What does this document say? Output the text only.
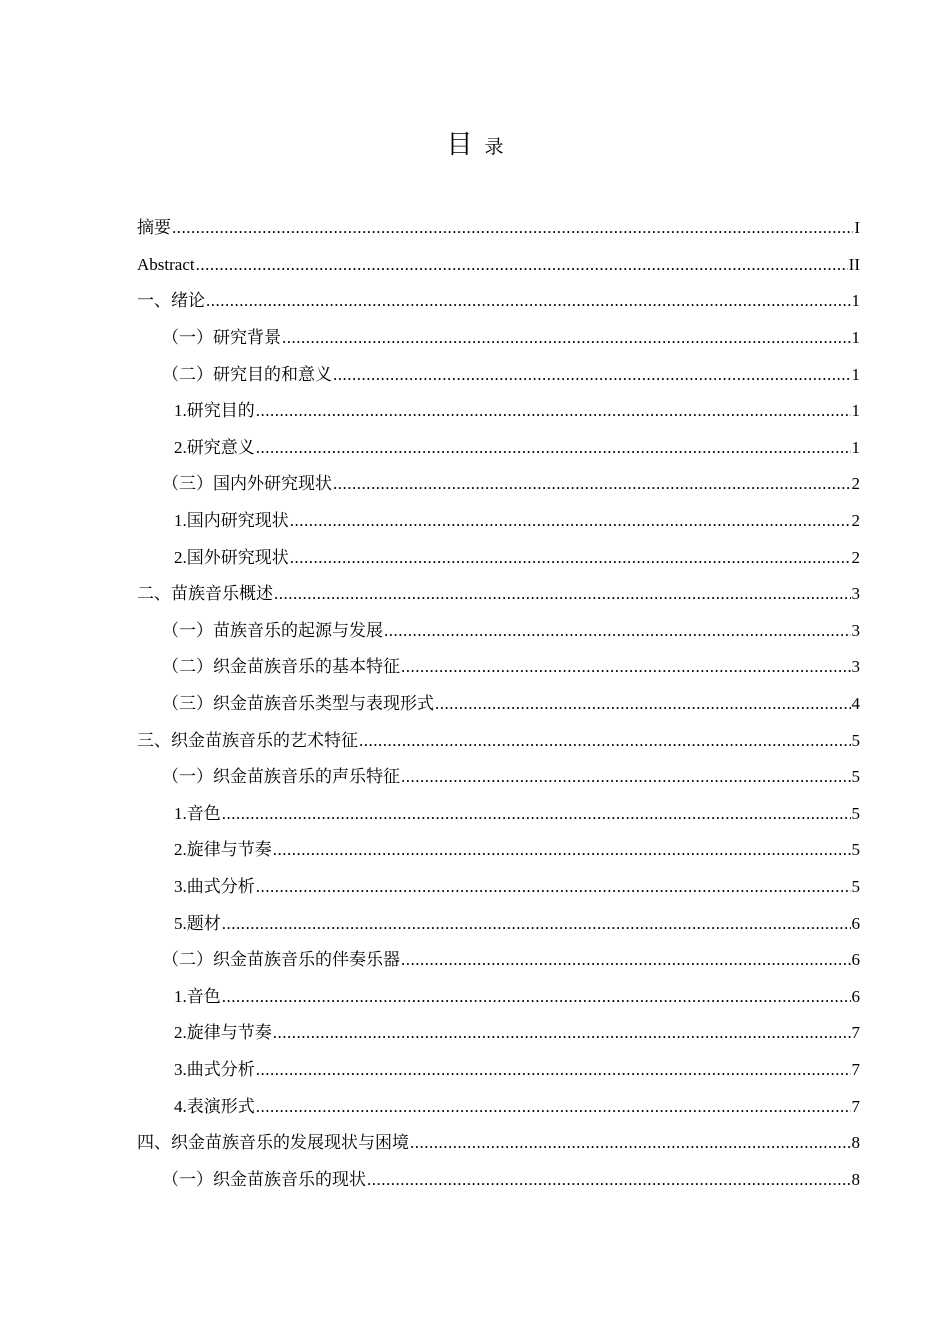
目 录
摘要 .....	I
Abstract .....	II
一、绪论 .....	1
（一）研究背景 .....	1
（二）研究目的和意义 .....	1
1.研究目的 .....	1
2.研究意义 .....	1
（三）国内外研究现状 .....	2
1.国内研究现状 .....	2
2.国外研究现状 .....	2
二、苗族音乐概述 .....	3
（一）苗族音乐的起源与发展 .....	3
（二）织金苗族音乐的基本特征 .....	3
（三）织金苗族音乐类型与表现形式 .....	4
三、织金苗族音乐的艺术特征 .....	5
（一）织金苗族音乐的声乐特征 .....	5
1.音色 .....	5
2.旋律与节奏 .....	5
3.曲式分析 .....	5
5.题材 .....	6
（二）织金苗族音乐的伴奏乐器 .....	6
1.音色 .....	6
2.旋律与节奏 .....	7
3.曲式分析 .....	7
4.表演形式 .....	7
四、织金苗族音乐的发展现状与困境 .....	8
（一）织金苗族音乐的现状 .....	8
